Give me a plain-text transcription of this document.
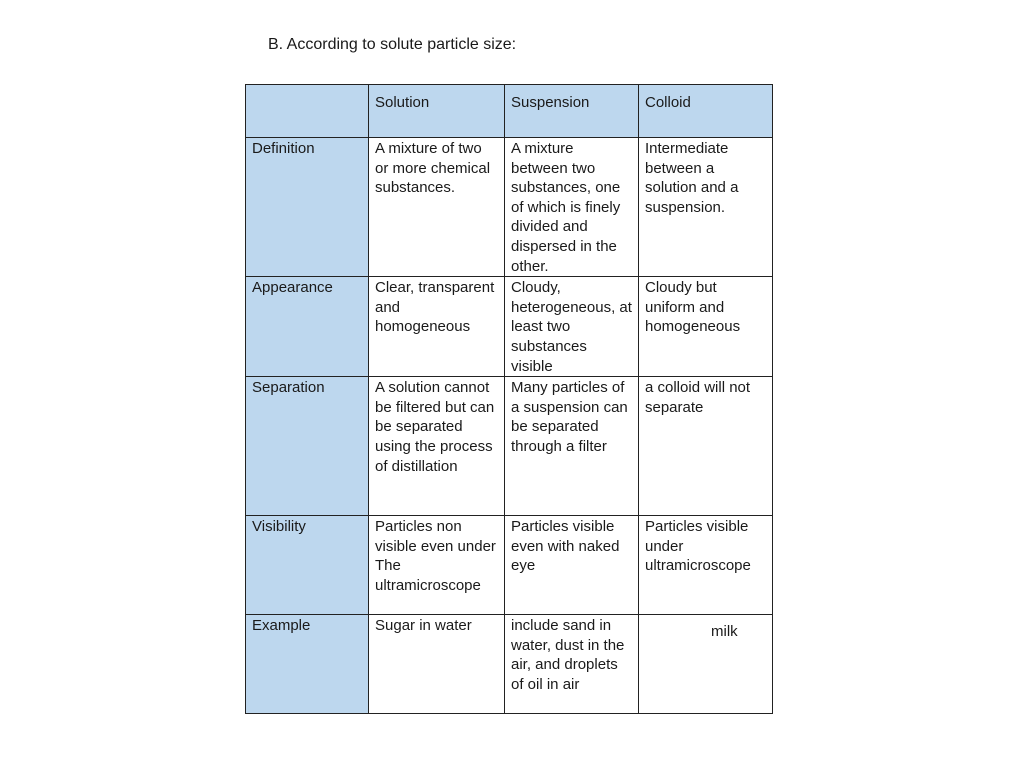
B. According to solute particle size:
	Solution	Suspension	Colloid
Definition	A mixture of two or more chemical substances.	A mixture between two substances, one of which is finely divided and dispersed in the other.	Intermediate between a solution and a suspension.
Appearance	Clear, transparent and homogeneous	Cloudy, heterogeneous, at least two substances visible	Cloudy but uniform and homogeneous
Separation	A solution cannot be filtered but can be separated using the process of distillation	Many particles of a suspension can be separated through a filter	a colloid will not separate
Visibility	Particles non visible even under The ultramicroscope	Particles visible even with naked eye	Particles visible under ultramicroscope
Example	Sugar in water	include sand in water, dust in the air, and droplets of oil in air	milk
